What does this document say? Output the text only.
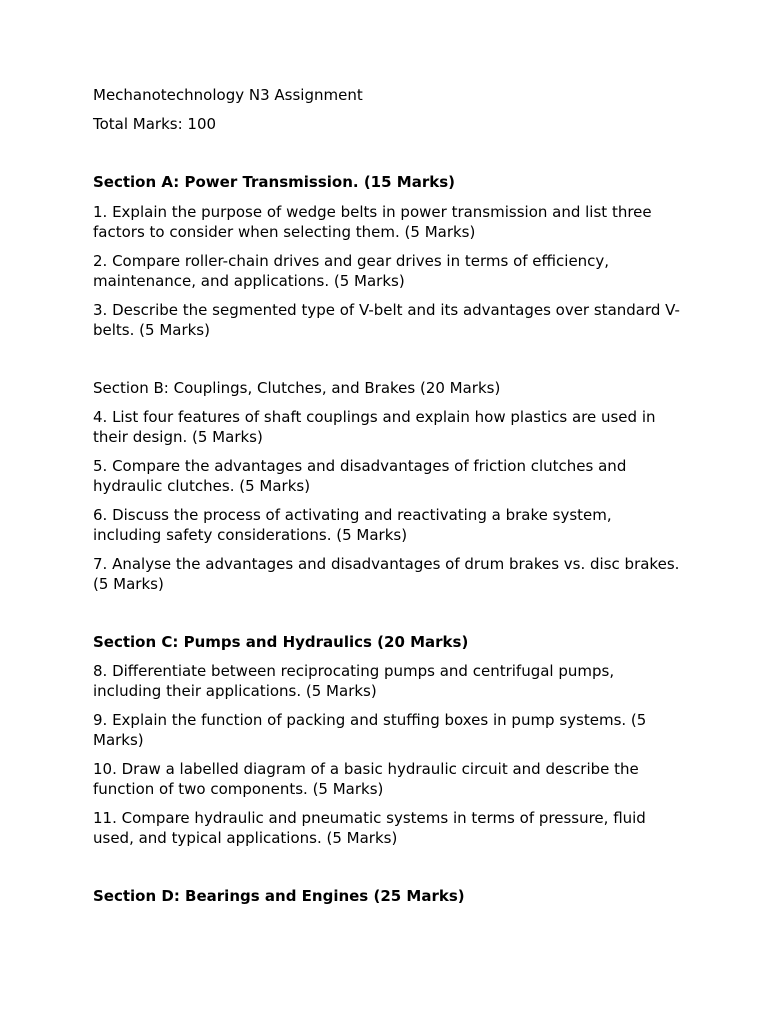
Mechanotechnology N3 Assignment

Total Marks: 100

Section A: Power Transmission. (15 Marks)

1. Explain the purpose of wedge belts in power transmission and list three factors to consider when selecting them. (5 Marks)

2. Compare roller-chain drives and gear drives in terms of efficiency, maintenance, and applications. (5 Marks)

3. Describe the segmented type of V-belt and its advantages over standard V-belts. (5 Marks)

Section B: Couplings, Clutches, and Brakes (20 Marks)

4. List four features of shaft couplings and explain how plastics are used in their design. (5 Marks)

5. Compare the advantages and disadvantages of friction clutches and hydraulic clutches. (5 Marks)

6. Discuss the process of activating and reactivating a brake system, including safety considerations. (5 Marks)

7. Analyse the advantages and disadvantages of drum brakes vs. disc brakes. (5 Marks)

Section C: Pumps and Hydraulics (20 Marks)

8. Differentiate between reciprocating pumps and centrifugal pumps, including their applications. (5 Marks)

9. Explain the function of packing and stuffing boxes in pump systems. (5 Marks)

10. Draw a labelled diagram of a basic hydraulic circuit and describe the function of two components. (5 Marks)

11. Compare hydraulic and pneumatic systems in terms of pressure, fluid used, and typical applications. (5 Marks)

Section D: Bearings and Engines (25 Marks)
